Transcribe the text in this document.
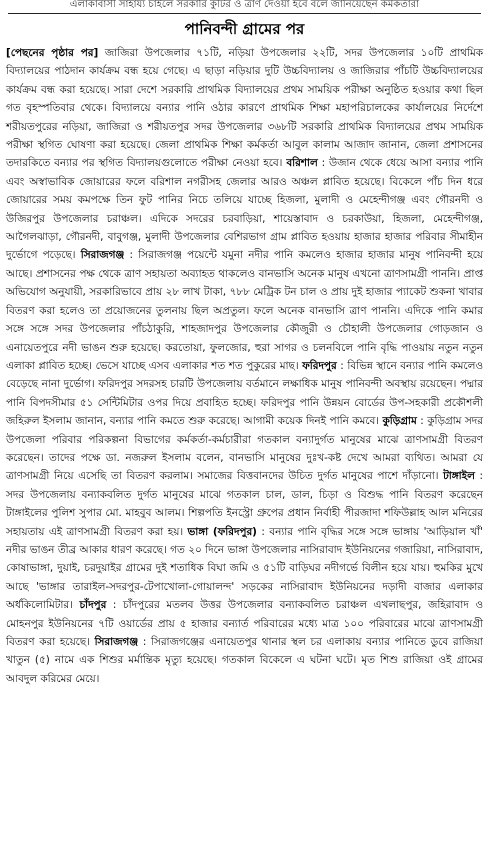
এলাকাবাসী সাহায্য চাইলে সরকারি কুটির ও ত্রাণ দেওয়া হবে বলে জানিয়েছেন কর্মকর্তারা
পানিবন্দী গ্রামের পর
[পেছনের পৃষ্ঠার পর] জাজিরা উপজেলার ৭১টি, নড়িয়া উপজেলার ২২টি, সদর উপজেলার ১০টি প্রাথমিক বিদ্যালয়ের পাঠদান কার্যক্রম বন্ধ হয়ে গেছে। এ ছাড়া নড়িয়ার দুটি উচ্চবিদ্যালয় ও জাজিরার পাঁচটি উচ্চবিদ্যালয়ের কার্যক্রম বন্ধ করা হয়েছে। সারা দেশে সরকারি প্রাথমিক বিদ্যালয়ের প্রথম সাময়িক পরীক্ষা অনুষ্ঠিত হওয়ার কথা ছিল গত বৃহস্পতিবার থেকে। বিদ্যালয়ে বন্যার পানি ওঠার কারণে প্রাথমিক শিক্ষা মহাপরিচালকের কার্যালয়ের নির্দেশে শরীয়তপুরের নড়িয়া, জাজিরা ও শরীয়তপুর সদর উপজেলার ৩৬৮টি সরকারি প্রাথমিক বিদ্যালয়ের প্রথম সাময়িক পরীক্ষা স্থগিত ঘোষণা করা হয়েছে। জেলা প্রাথমিক শিক্ষা কর্মকর্তা আবুল কালাম আজাদ জানান, জেলা প্রশাসনের তদারকিতে বন্যার পর স্থগিত বিদ্যালয়গুলোতে পরীক্ষা নেওয়া হবে। বরিশাল : উজান থেকে ধেয়ে আসা বন্যার পানি এবং অস্বাভাবিক জোয়ারের ফলে বরিশাল নগরীসহ জেলার আরও অঞ্চল প্লাবিত হয়েছে। বিকেলে পাঁচ দিন ধরে জোয়ারের সময় কমপক্ষে তিন ফুট পানির নিচে তলিয়ে যাচ্ছে হিজলা, মুলাদী ও মেহেন্দীগঞ্জ এবং গৌরনদী ও উজিরপুর উপজেলার চরাঞ্চল। এদিকে সদরের চরবাড়িয়া, শায়েস্তাবাদ ও চরকাউয়া, হিজলা, মেহেন্দীগঞ্জ, আগৈলঝাড়া, গৌরনদী, বাবুগঞ্জ, মুলাদী উপজেলার বেশিরভাগ গ্রাম প্লাবিত হওয়ায় হাজার হাজার পরিবার সীমাহীন দুর্ভোগে পড়েছে। সিরাজগঞ্জ : সিরাজগঞ্জ পয়েন্টে যমুনা নদীর পানি কমলেও হাজার হাজার মানুষ পানিবন্দী হয়ে আছে। প্রশাসনের পক্ষ থেকে ত্রাণ সহায়তা অব্যাহত থাকলেও বানভাসি অনেক মানুষ এখনো ত্রাণসামগ্রী পাননি। প্রাপ্ত অভিযোগ অনুযায়ী, সরকারিভাবে প্রায় ২৮ লাখ টাকা, ৭৮৮ মেট্রিক টন চাল ও প্রায় দুই হাজার প্যাকেট শুকনা খাবার বিতরণ করা হলেও তা প্রয়োজনের তুলনায় ছিল অপ্রতুল। ফলে অনেক বানভাসি ত্রাণ পাননি। এদিকে পানি কমার সঙ্গে সঙ্গে সদর উপজেলার পাঁচঠাকুরি, শাহজাদপুর উপজেলার কৌজুরী ও চৌহালী উপজেলার গোড়জান ও এনায়েতপুরে নদী ভাঙন শুরু হয়েছে। করতোয়া, ফুলজোর, হুরা সাগর ও চলনবিলে পানি বৃদ্ধি পাওয়ায় নতুন নতুন এলাকা প্লাবিত হচ্ছে। ভেসে যাচ্ছে এসব এলাকার শত শত পুকুরের মাছ। ফরিদপুর : বিভিন্ন স্থানে বন্যার পানি কমলেও বেড়েছে নানা দুর্ভোগ। ফরিদপুর সদরসহ চারটি উপজেলায় বর্তমানে লক্ষাধিক মানুষ পানিবন্দী অবস্থায় রয়েছেন। পদ্মার পানি বিপদসীমার ৫১ সেন্টিমিটার ওপর দিয়ে প্রবাহিত হচ্ছে। ফরিদপুর পানি উন্নয়ন বোর্ডের উপ-সহকারী প্রকৌশলী জহিরুল ইসলাম জানান, বন্যার পানি কমতে শুরু করেছে। আগামী কয়েক দিনই পানি কমবে। কুড়িগ্রাম : কুড়িগ্রাম সদর উপজেলা পরিবার পরিকল্পনা বিভাগের কর্মকর্তা-কর্মচারীরা গতকাল বন্যাদুর্গত মানুষের মাঝে ত্রাণসামগ্রী বিতরণ করেছেন। তাদের পক্ষে ডা. নজরুল ইসলাম বলেন, বানভাসি মানুষের দুঃখ-কষ্ট দেখে আমরা ব্যথিত। আমরা যে ত্রাণসামগ্রী নিয়ে এসেছি তা বিতরণ করলাম। সমাজের বিত্তবানদের উচিত দুর্গত মানুষের পাশে দাঁড়ানো। টাঙ্গাইল : সদর উপজেলায় বন্যাকবলিত দুর্গত মানুষের মাঝে গতকাল চাল, ডাল, চিড়া ও বিশুদ্ধ পানি বিতরণ করেছেন টাঙ্গাইলের পুলিশ সুপার মো. মাহবুব আলম। শিল্পপতি ইনস্ট্রো গ্রুপের প্রধান নির্বাহী পীরজাদা শফিউল্লাহ আল মনিরের সহায়তায় এই ত্রাণসামগ্রী বিতরণ করা হয়। ভাঙ্গা (ফরিদপুর) : বন্যার পানি বৃদ্ধির সঙ্গে সঙ্গে ভাঙ্গায় 'আড়িয়াল খাঁ' নদীর ভাঙন তীব্র আকার ধারণ করেছে। গত ২০ দিনে ভাঙ্গা উপজেলার নাসিরাবাদ ইউনিয়নের গজারিয়া, নাসিরাবাদ, কোষাভাঙ্গা, দুয়াই, চরদুয়াইর গ্রামের দুই শতাধিক বিঘা জমি ও ৫১টি বাড়িঘর নদীগর্ভে বিলীন হয়ে যায়। হুমকির মুখে আছে 'ভাঙ্গার তারাইল-সদরপুর-টেপাখোলা-গোয়ালন্দ' সড়কের নাসিরাবাদ ইউনিয়নের দড়াদী বাজার এলাকার অর্ধকিলোমিটার। চাঁদপুর : চাঁদপুরের মতলব উত্তর উপজেলার বন্যাকবলিত চরাঞ্চল এখলাছপুর, জহিরাবাদ ও মোহনপুর ইউনিয়নের ৭টি ওয়ার্ডের প্রায় ৫ হাজার বন্যার্ত পরিবারের মধ্যে মাত্র ১০০ পরিবারের মাঝে ত্রাণসামগ্রী বিতরণ করা হয়েছে। সিরাজগঞ্জ : সিরাজগঞ্জের এনায়েতপুর থানার স্থল চর এলাকায় বন্যার পানিতে ডুবে রাজিয়া খাতুন (৫) নামে এক শিশুর মর্মান্তিক মৃত্যু হয়েছে। গতকাল বিকেলে এ ঘটনা ঘটে। মৃত শিশু রাজিয়া ওই গ্রামের আবদুল করিমের মেয়ে।
